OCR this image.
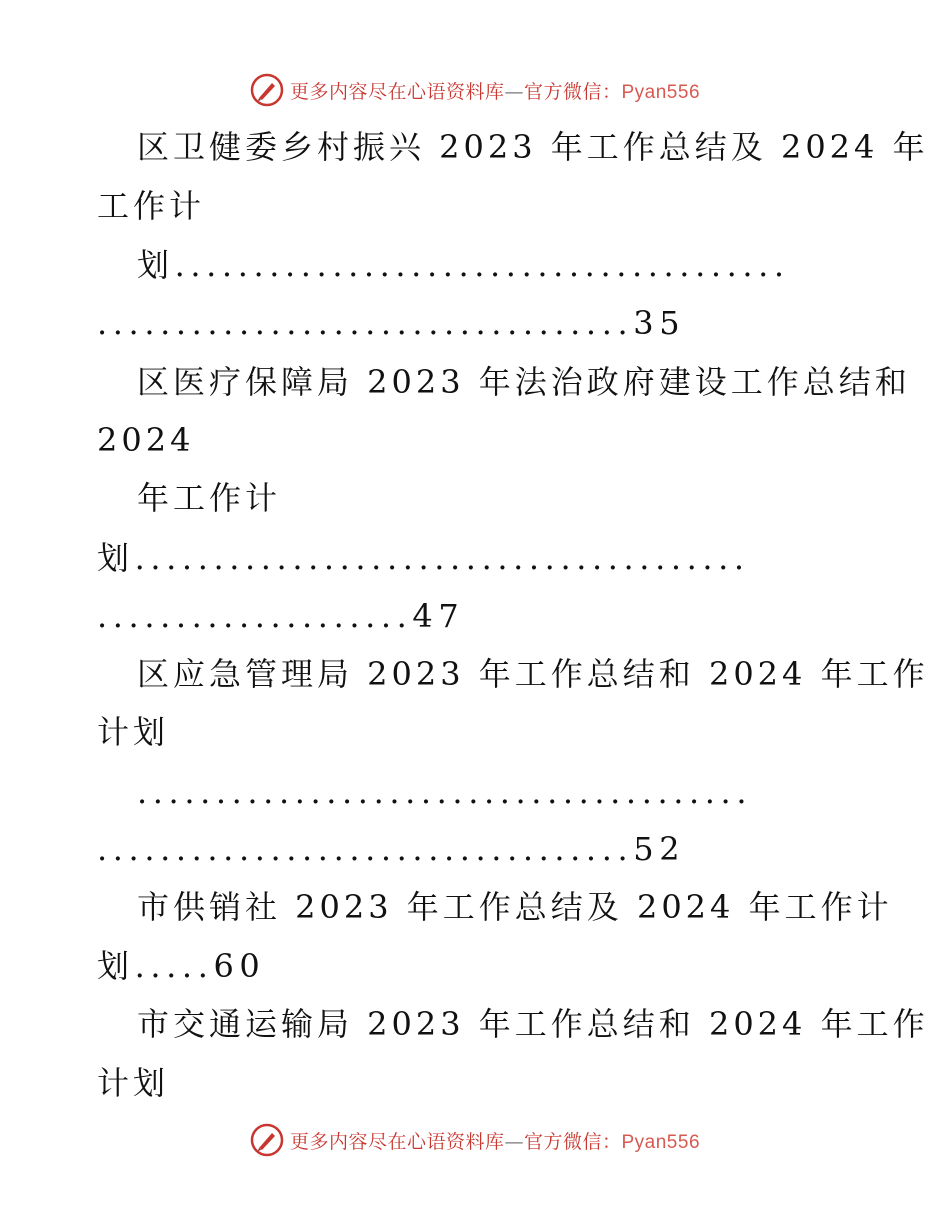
更多内容尽在心语资料库—官方微信：Pyan556
区卫健委乡村振兴 2023 年工作总结及 2024 年
工作计
划.......................................
..................................35
区医疗保障局 2023 年法治政府建设工作总结和
2024
年工作计
划.......................................
....................47
区应急管理局 2023 年工作总结和 2024 年工作
计划
.......................................
..................................52
市供销社 2023 年工作总结及 2024 年工作计
划.....60
市交通运输局 2023 年工作总结和 2024 年工作
计划
更多内容尽在心语资料库—官方微信：Pyan556
